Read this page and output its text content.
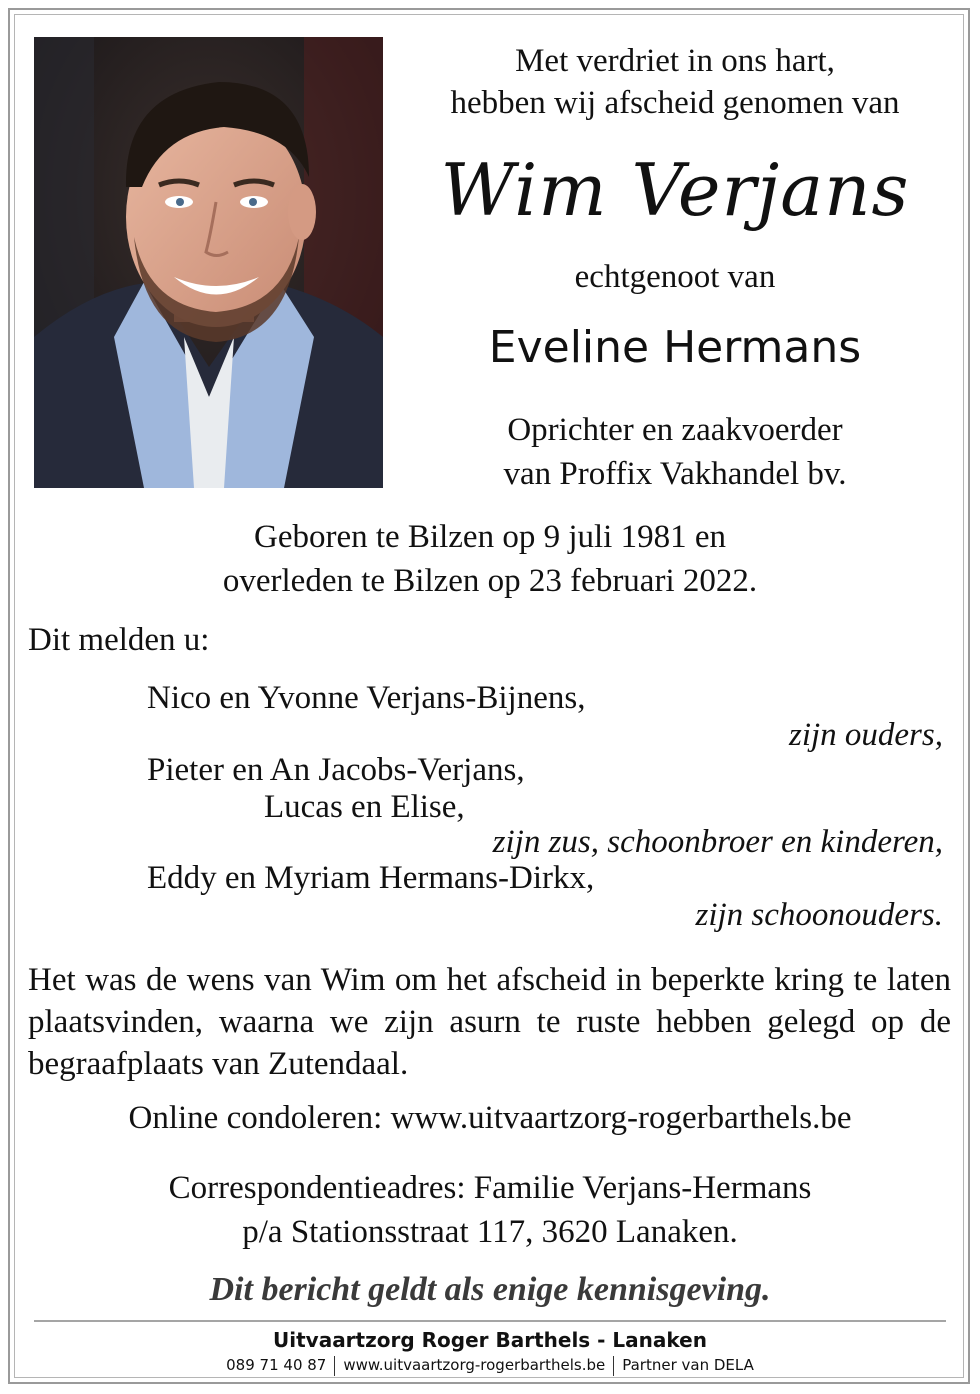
Met verdriet in ons hart,
hebben wij afscheid genomen van
Wim Verjans
echtgenoot van
Eveline Hermans
Oprichter en zaakvoerder
van Proffix Vakhandel bv.
Geboren te Bilzen op 9 juli 1981 en
overleden te Bilzen op 23 februari 2022.
Dit melden u:
Nico en Yvonne Verjans-Bijnens,
zijn ouders,
Pieter en An Jacobs-Verjans,
Lucas en Elise,
zijn zus, schoonbroer en kinderen,
Eddy en Myriam Hermans-Dirkx,
zijn schoonouders.
Het was de wens van Wim om het afscheid in beperkte kring te laten plaatsvinden, waarna we zijn asurn te ruste hebben gelegd op de begraafplaats van Zutendaal.
Online condoleren: www.uitvaartzorg-rogerbarthels.be
Correspondentieadres: Familie Verjans-Hermans
p/a Stationsstraat 117, 3620 Lanaken.
Dit bericht geldt als enige kennisgeving.
Uitvaartzorg Roger Barthels - Lanaken
089 71 40 87 www.uitvaartzorg-rogerbarthels.be Partner van DELA
